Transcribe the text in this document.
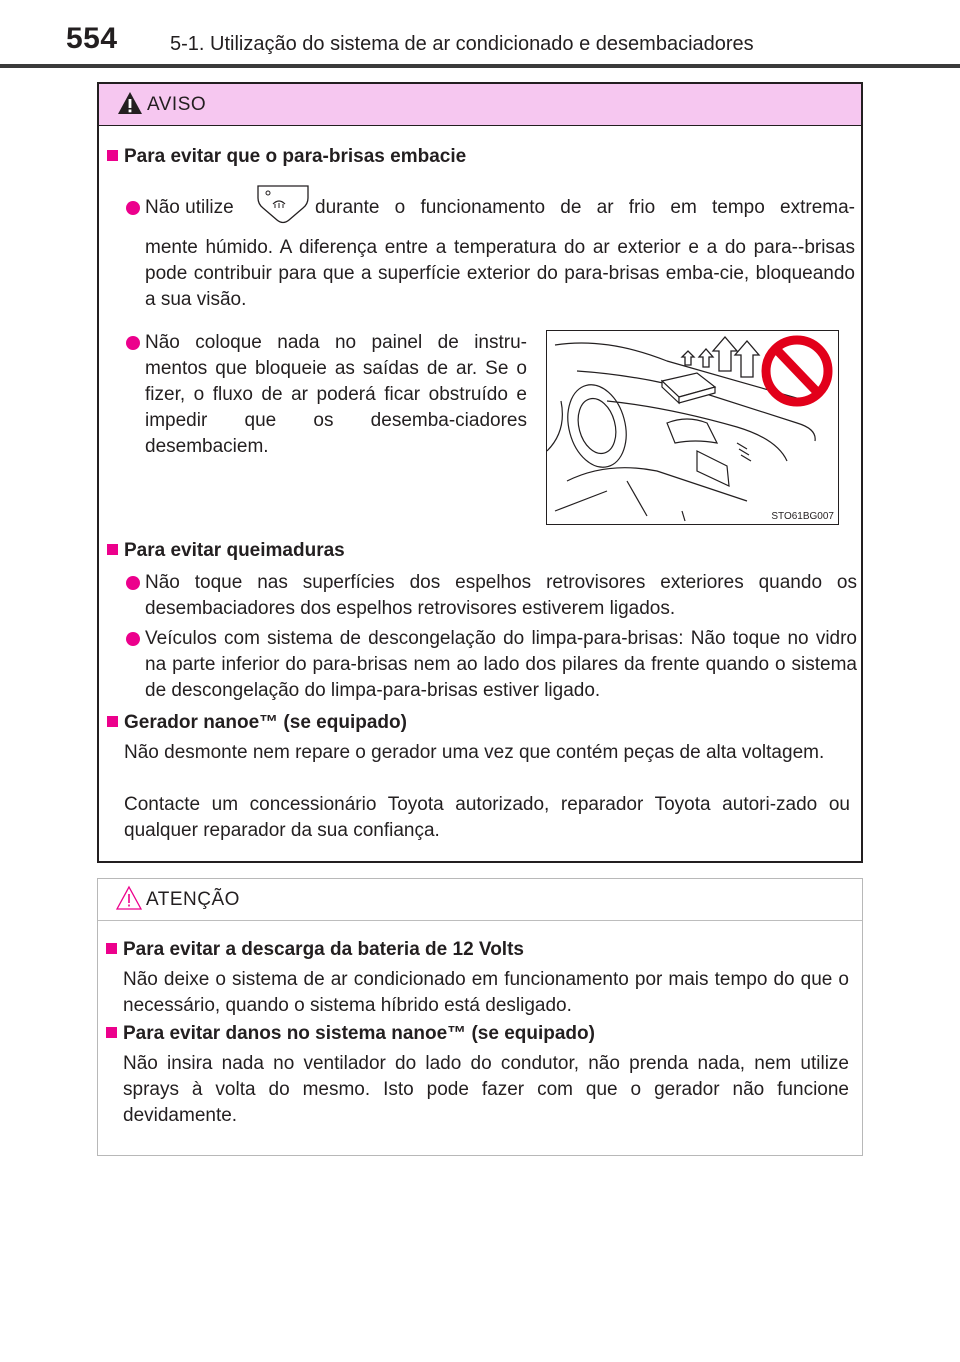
554	5-1. Utilização do sistema de ar condicionado e desembaciadores
AVISO
Para evitar que o para-brisas embacie
Não utilize	durante o funcionamento de ar frio em tempo extrema-
mente húmido. A diferença entre a temperatura do ar exterior e a do para--brisas pode contribuir para que a superfície exterior do para-brisas emba-cie, bloqueando a sua visão.
Não coloque nada no painel de instru-mentos que bloqueie as saídas de ar. Se o fizer, o fluxo de ar poderá ficar obstruído e impedir que os desemba-ciadores desembaciem.
STO61BG007
Para evitar queimaduras
Não toque nas superfícies dos espelhos retrovisores exteriores quando os desembaciadores dos espelhos retrovisores estiverem ligados.
Veículos com sistema de descongelação do limpa-para-brisas: Não toque no vidro na parte inferior do para-brisas nem ao lado dos pilares da frente quando o sistema de descongelação do limpa-para-brisas estiver ligado.
Gerador nanoe™ (se equipado)
Não desmonte nem repare o gerador uma vez que contém peças de alta voltagem.
Contacte um concessionário Toyota autorizado, reparador Toyota autori-zado ou qualquer reparador da sua confiança.
ATENÇÃO
Para evitar a descarga da bateria de 12 Volts
Não deixe o sistema de ar condicionado em funcionamento por mais tempo do que o necessário, quando o sistema híbrido está desligado.
Para evitar danos no sistema nanoe™ (se equipado)
Não insira nada no ventilador do lado do condutor, não prenda nada, nem utilize sprays à volta do mesmo. Isto pode fazer com que o gerador não funcione devidamente.
